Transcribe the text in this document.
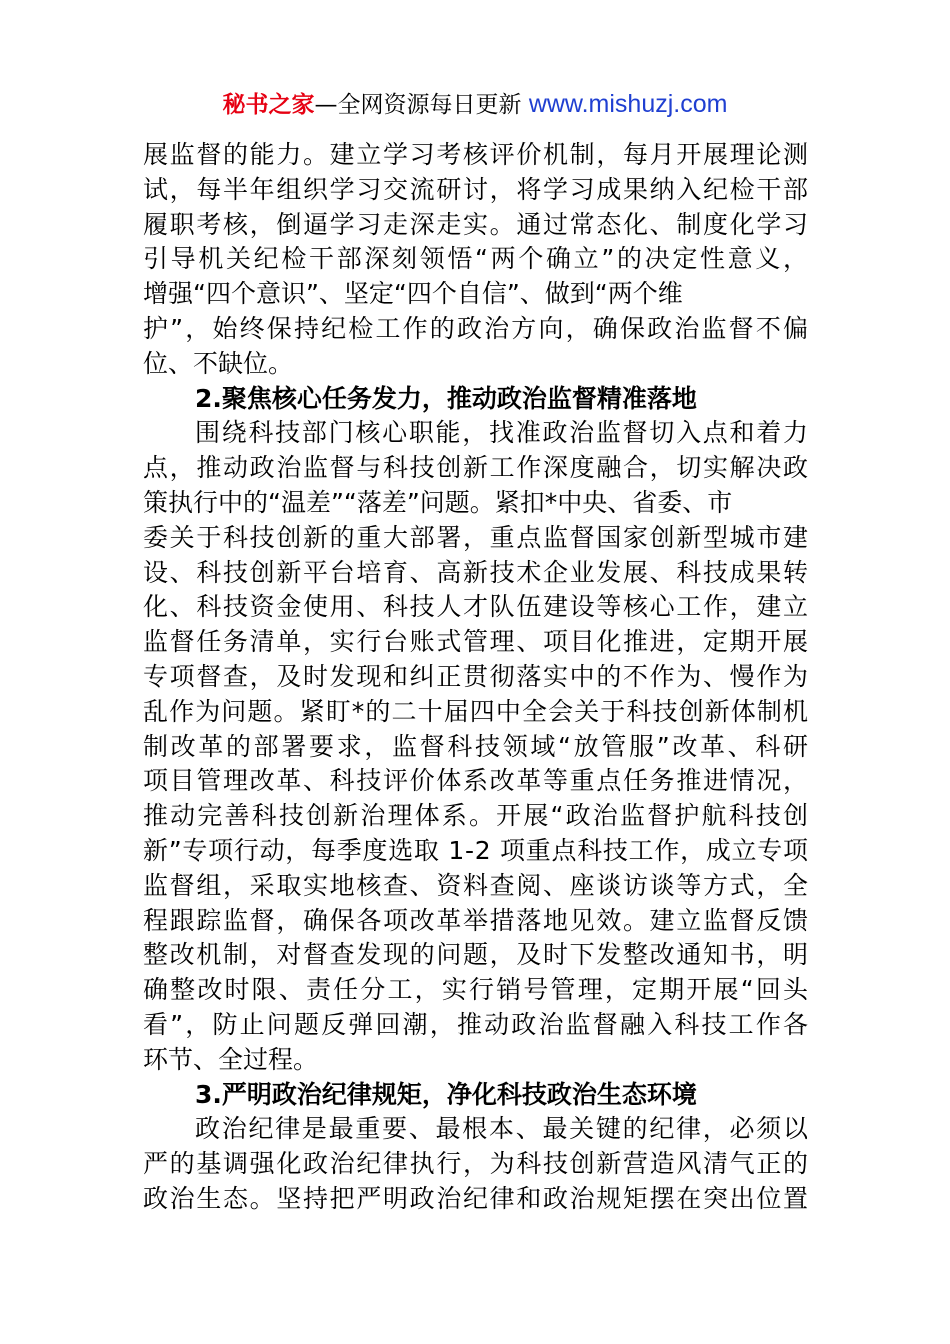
秘书之家—全网资源每日更新 www.mishuzj.com
展监督的能力。建立学习考核评价机制，每月开展理论测
试，每半年组织学习交流研讨，将学习成果纳入纪检干部
履职考核，倒逼学习走深走实。通过常态化、制度化学习
引导机关纪检干部深刻领悟“两个确立”的决定性意义，
增强“四个意识”、坚定“四个自信”、做到“两个维
护”，始终保持纪检工作的政治方向，确保政治监督不偏
位、不缺位。
2.聚焦核心任务发力，推动政治监督精准落地
围绕科技部门核心职能，找准政治监督切入点和着力
点，推动政治监督与科技创新工作深度融合，切实解决政
策执行中的“温差”“落差”问题。紧扣*中央、省委、市
委关于科技创新的重大部署，重点监督国家创新型城市建
设、科技创新平台培育、高新技术企业发展、科技成果转
化、科技资金使用、科技人才队伍建设等核心工作，建立
监督任务清单，实行台账式管理、项目化推进，定期开展
专项督查，及时发现和纠正贯彻落实中的不作为、慢作为
乱作为问题。紧盯*的二十届四中全会关于科技创新体制机
制改革的部署要求，监督科技领域“放管服”改革、科研
项目管理改革、科技评价体系改革等重点任务推进情况，
推动完善科技创新治理体系。开展“政治监督护航科技创
新”专项行动，每季度选取 1-2 项重点科技工作，成立专项
监督组，采取实地核查、资料查阅、座谈访谈等方式，全
程跟踪监督，确保各项改革举措落地见效。建立监督反馈
整改机制，对督查发现的问题，及时下发整改通知书，明
确整改时限、责任分工，实行销号管理，定期开展“回头
看”，防止问题反弹回潮，推动政治监督融入科技工作各
环节、全过程。
3.严明政治纪律规矩，净化科技政治生态环境
政治纪律是最重要、最根本、最关键的纪律，必须以
严的基调强化政治纪律执行，为科技创新营造风清气正的
政治生态。坚持把严明政治纪律和政治规矩摆在突出位置
